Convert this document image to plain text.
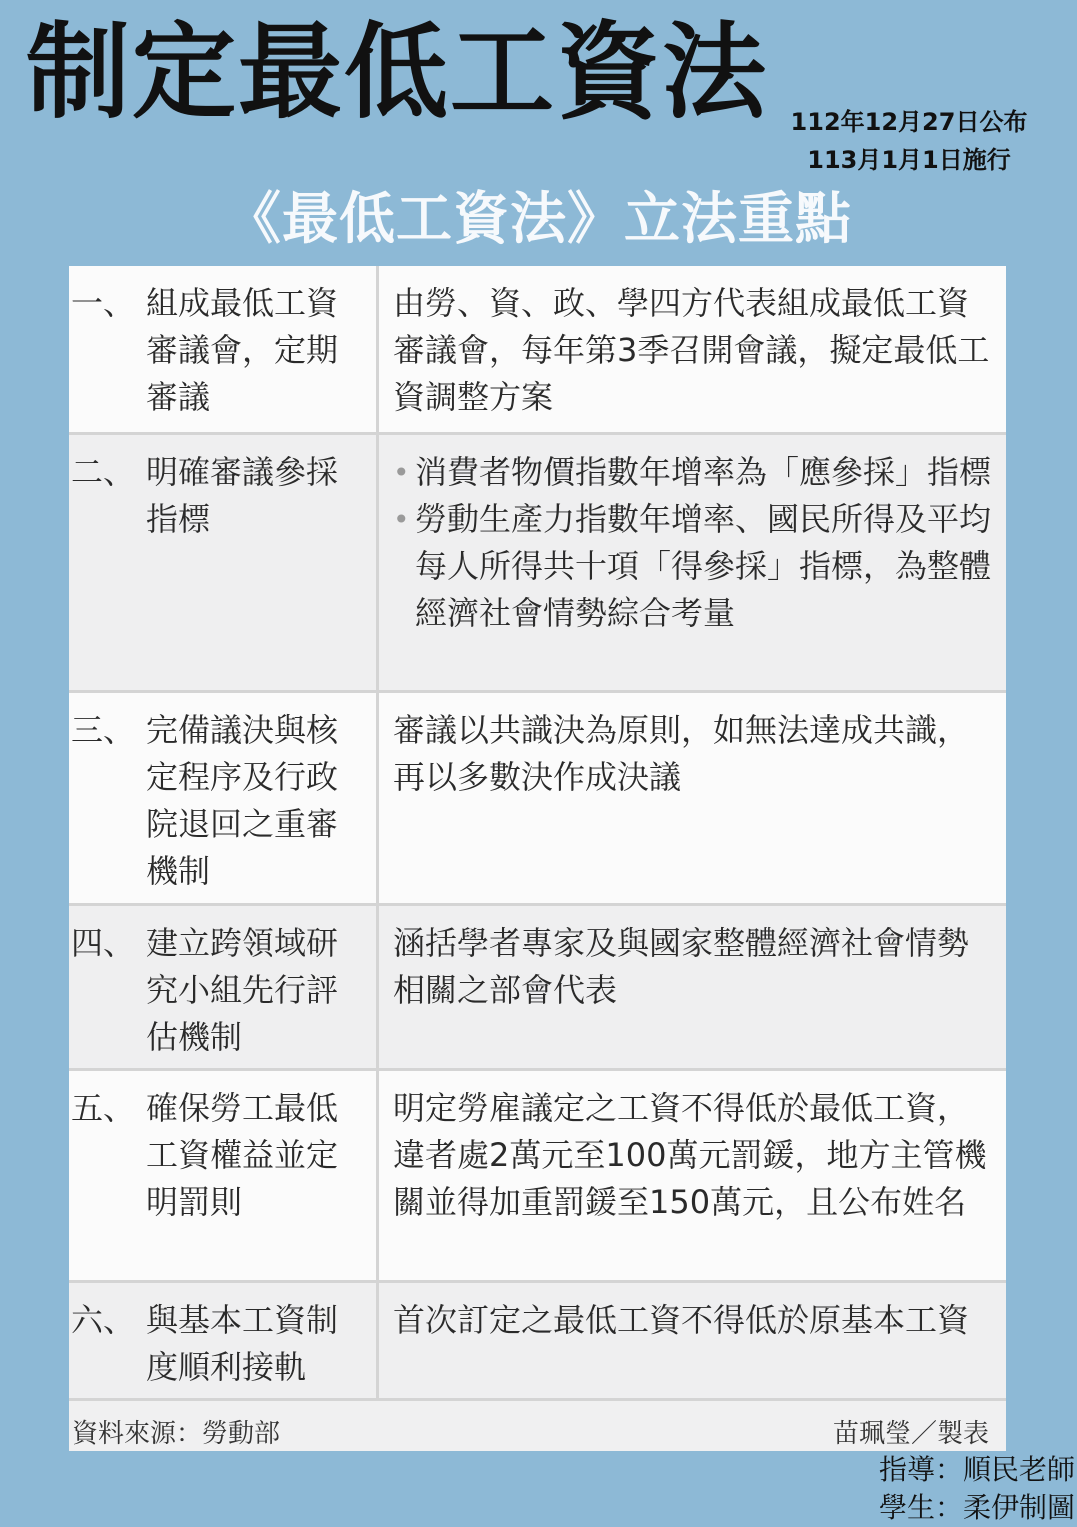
制定最低工資法 112年12月27日公布
113月1月1日施行
《最低工資法》立法重點
一、 組成最低工資審議會，定期審議	由勞、資、政、學四方代表組成最低工資審議會，每年第3季召開會議，擬定最低工資調整方案

二、 明確審議參採指標	• 消費者物價指數年增率為「應參採」指標
• 勞動生產力指數年增率、國民所得及平均每人所得共十項「得參採」指標，為整體經濟社會情勢綜合考量

三、 完備議決與核定程序及行政院退回之重審機制	審議以共識決為原則，如無法達成共識，再以多數決作成決議

四、 建立跨領域研究小組先行評估機制	涵括學者專家及與國家整體經濟社會情勢相關之部會代表

五、 確保勞工最低工資權益並定明罰則	明定勞雇議定之工資不得低於最低工資，違者處2萬元至100萬元罰鍰，地方主管機關並得加重罰鍰至150萬元，且公布姓名

六、 與基本工資制度順利接軌	首次訂定之最低工資不得低於原基本工資
資料來源：勞動部	苗珮瑩／製表
指導：順民老師
學生：柔伊制圖
